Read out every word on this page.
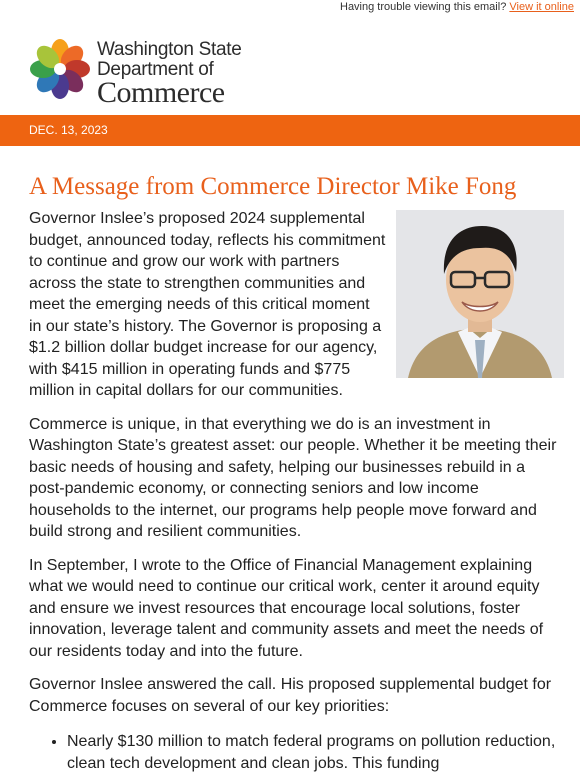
Having trouble viewing this email? View it online
Washington State
Department of
Commerce
DEC. 13, 2023
A Message from Commerce Director Mike Fong

Governor Inslee’s proposed 2024 supplemental budget, announced today, reflects his commitment to continue and grow our work with partners across the state to strengthen communities and meet the emerging needs of this critical moment in our state’s history. The Governor is proposing a $1.2 billion dollar budget increase for our agency, with $415 million in operating funds and $775 million in capital dollars for our communities.

Commerce is unique, in that everything we do is an investment in Washington State’s greatest asset: our people. Whether it be meeting their basic needs of housing and safety, helping our businesses rebuild in a post-pandemic economy, or connecting seniors and low income households to the internet, our programs help people move forward and build strong and resilient communities.

In September, I wrote to the Office of Financial Management explaining what we would need to continue our critical work, center it around equity and ensure we invest resources that encourage local solutions, foster innovation, leverage talent and community assets and meet the needs of our residents today and into the future.

Governor Inslee answered the call. His proposed supplemental budget for Commerce focuses on several of our key priorities:

• Nearly $130 million to match federal programs on pollution reduction, clean tech development and clean jobs. This funding
